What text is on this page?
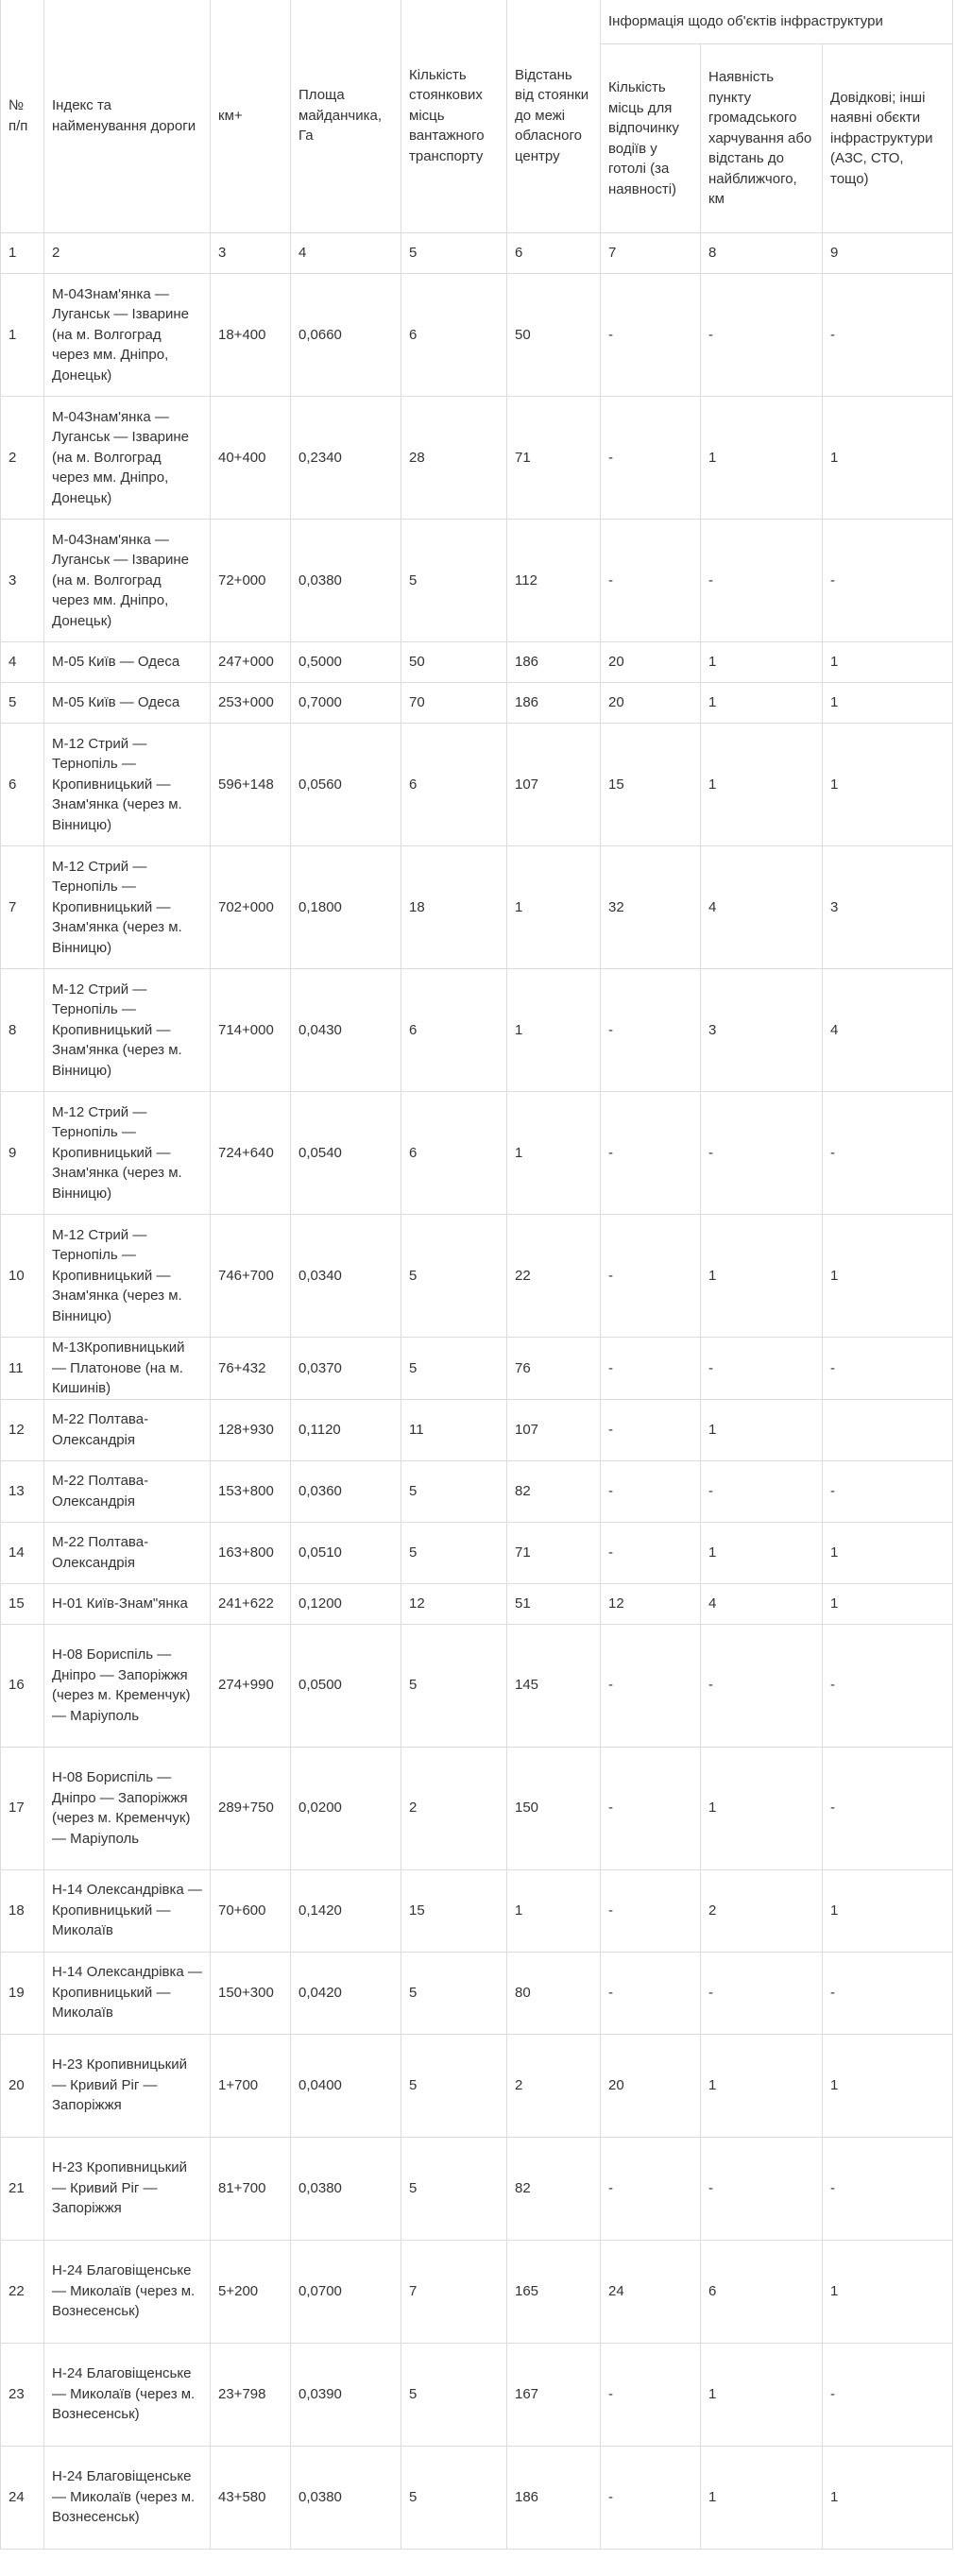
№ п/п	Індекс та найменування дороги	км+	Площа майданчика, Га	Кількість стоянкових місць вантажного транспорту	Відстань від стоянки до межі обласного центру	Інформація щодо об'єктів інфраструктури		
						Кількість місць для відпочинку водіїв у готолі (за наявності)	Наявність пункту громадського харчування або відстань до найближчого, км	Довідкові; інші наявні обєкти інфраструктури (АЗС, СТО, тощо)
1	2	3	4	5	6	7	8	9
1	М-04Знам'янка — Луганськ — Ізварине (на м. Волгоград через мм. Дніпро, Донецьк)	18+400	0,0660	6	50	-	-	-
2	М-04Знам'янка — Луганськ — Ізварине (на м. Волгоград через мм. Дніпро, Донецьк)	40+400	0,2340	28	71	-	1	1
3	М-04Знам'янка — Луганськ — Ізварине (на м. Волгоград через мм. Дніпро, Донецьк)	72+000	0,0380	5	112	-	-	-
4	М-05 Київ — Одеса	247+000	0,5000	50	186	20	1	1
5	М-05 Київ — Одеса	253+000	0,7000	70	186	20	1	1
6	М-12 Стрий — Тернопіль — Кропивницький — Знам'янка (через м. Вінницю)	596+148	0,0560	6	107	15	1	1
7	М-12 Стрий — Тернопіль — Кропивницький — Знам'янка (через м. Вінницю)	702+000	0,1800	18	1	32	4	3
8	М-12 Стрий — Тернопіль — Кропивницький — Знам'янка (через м. Вінницю)	714+000	0,0430	6	1	-	3	4
9	М-12 Стрий — Тернопіль — Кропивницький — Знам'янка (через м. Вінницю)	724+640	0,0540	6	1	-	-	-
10	М-12 Стрий — Тернопіль — Кропивницький — Знам'янка (через м. Вінницю)	746+700	0,0340	5	22	-	1	1
11	М-13Кропивницький — Платонове (на м. Кишинів)	76+432	0,0370	5	76	-	-	-
12	М-22 Полтава-Олександрія	128+930	0,1120	11	107	-	1	
13	М-22 Полтава-Олександрія	153+800	0,0360	5	82	-	-	-
14	М-22 Полтава-Олександрія	163+800	0,0510	5	71	-	1	1
15	Н-01 Київ-Знам"янка	241+622	0,1200	12	51	12	4	1
16	Н-08 Бориспіль — Дніпро — Запоріжжя (через м. Кременчук) — Маріуполь	274+990	0,0500	5	145	-	-	-
17	Н-08 Бориспіль — Дніпро — Запоріжжя (через м. Кременчук) — Маріуполь	289+750	0,0200	2	150	-	1	-
18	Н-14 Олександрівка — Кропивницький — Миколаїв	70+600	0,1420	15	1	-	2	1
19	Н-14 Олександрівка — Кропивницький — Миколаїв	150+300	0,0420	5	80	-	-	-
20	Н-23 Кропивницький — Кривий Ріг — Запоріжжя	1+700	0,0400	5	2	20	1	1
21	Н-23 Кропивницький — Кривий Ріг — Запоріжжя	81+700	0,0380	5	82	-	-	-
22	Н-24 Благовіщенське — Миколаїв (через м. Вознесенськ)	5+200	0,0700	7	165	24	6	1
23	Н-24 Благовіщенське — Миколаїв (через м. Вознесенськ)	23+798	0,0390	5	167	-	1	-
24	Н-24 Благовіщенське — Миколаїв (через м. Вознесенськ)	43+580	0,0380	5	186	-	1	1
